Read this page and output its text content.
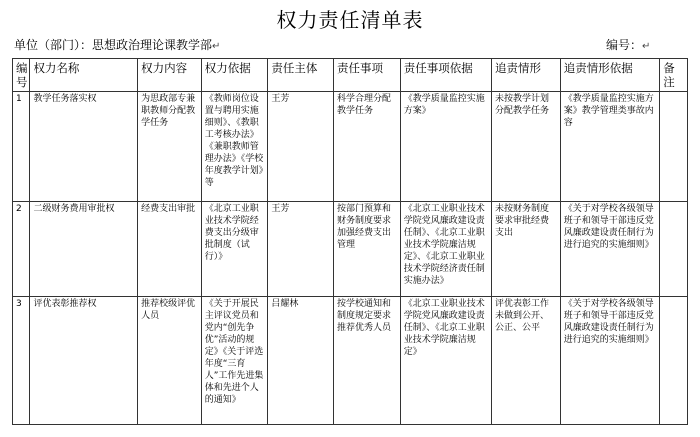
权力责任清单表
单位（部门）：思想政治理论课教学部↵	编号：↵
编号	权力名称	权力内容	权力依据	责任主体	责任事项	责任事项依据	追责情形	追责情形依据	备注
1	教学任务落实权	为思政部专兼职教师分配教学任务	《教师岗位设置与聘用实施细则》、《教职工考核办法》《兼职教师管理办法》《学校年度教学计划》等	王芳	科学合理分配教学任务	《教学质量监控实施方案》	未按教学计划分配教学任务	《教学质量监控实施方案》教学管理类事故内容	
2	二级财务费用审批权	经费支出审批	《北京工业职业技术学院经费支出分级审批制度（试行）》	王芳	按部门预算和财务制度要求加强经费支出管理	《北京工业职业技术学院党风廉政建设责任制》、《北京工业职业技术学院廉洁规定》、《北京工业职业技术学院经济责任制实施办法》	未按财务制度要求审批经费支出	《关于对学校各级领导班子和领导干部违反党风廉政建设责任制行为进行追究的实施细则》	
3	评优表彰推荐权	推荐校级评优人员	《关于开展民主评议党员和党内“创先争优”活动的规定》《关于评选年度“三育人”工作先进集体和先进个人的通知》	吕耀林	按学校通知和制度规定要求推荐优秀人员	《北京工业职业技术学院党风廉政建设责任制》、《北京工业职业技术学院廉洁规定》	评优表彰工作未做到公开、公正、公平	《关于对学校各级领导班子和领导干部违反党风廉政建设责任制行为进行追究的实施细则》	
